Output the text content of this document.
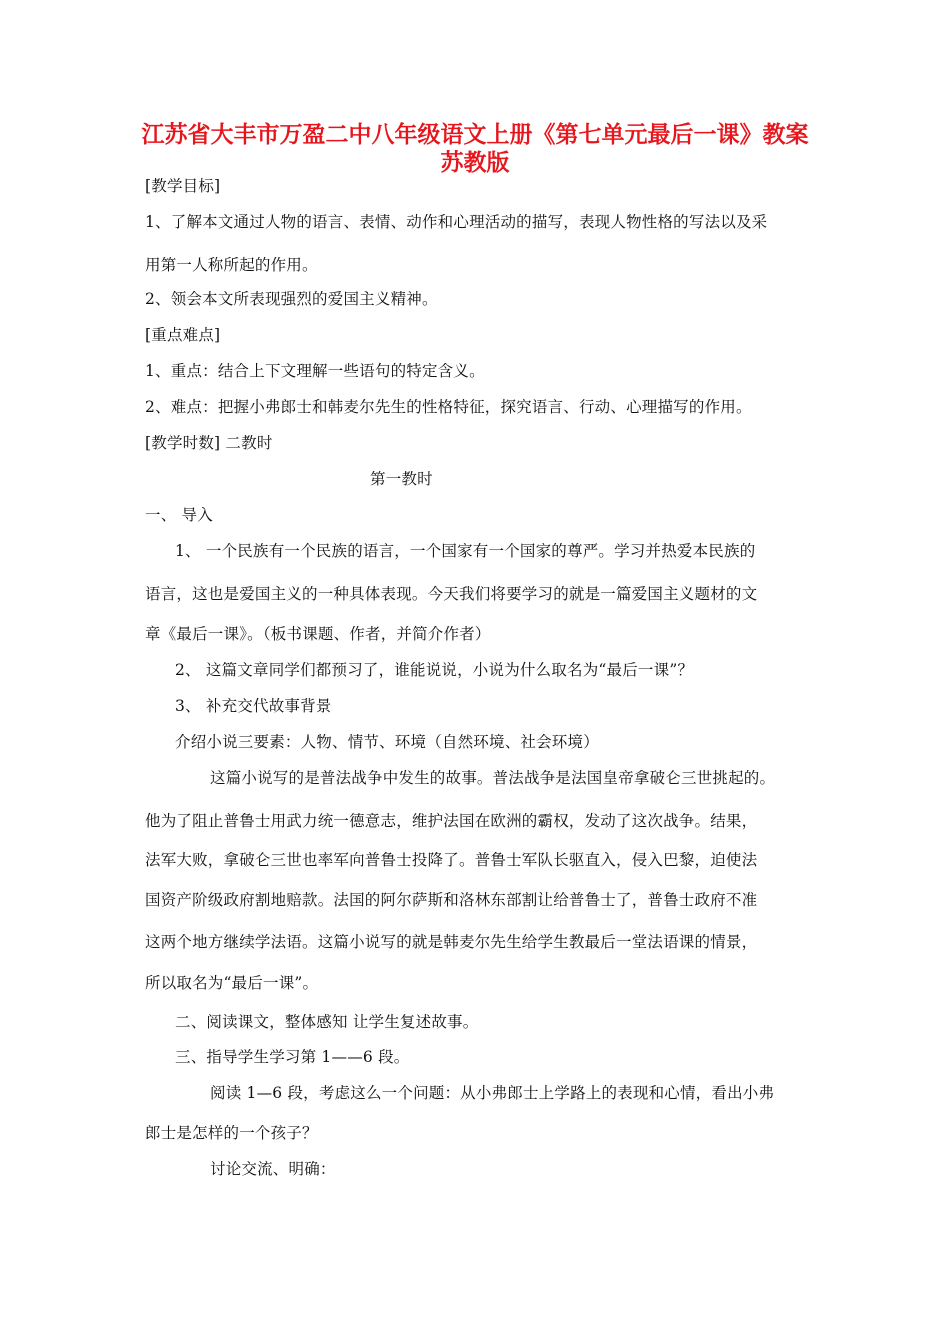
江苏省大丰市万盈二中八年级语文上册《第七单元最后一课》教案
苏教版
[教学目标]
1、了解本文通过人物的语言、表情、动作和心理活动的描写，表现人物性格的写法以及采
用第一人称所起的作用。
2、领会本文所表现强烈的爱国主义精神。
[重点难点]
1、重点：结合上下文理解一些语句的特定含义。
2、难点：把握小弗郎士和韩麦尔先生的性格特征，探究语言、行动、心理描写的作用。
[教学时数] 二教时
第一教时
一、 导入
1、 一个民族有一个民族的语言，一个国家有一个国家的尊严。学习并热爱本民族的
语言，这也是爱国主义的一种具体表现。今天我们将要学习的就是一篇爱国主义题材的文
章《最后一课》。（板书课题、作者，并简介作者）
2、 这篇文章同学们都预习了，谁能说说，小说为什么取名为“最后一课”？
3、 补充交代故事背景
介绍小说三要素：人物、情节、环境（自然环境、社会环境）
这篇小说写的是普法战争中发生的故事。普法战争是法国皇帝拿破仑三世挑起的。
他为了阻止普鲁士用武力统一德意志，维护法国在欧洲的霸权，发动了这次战争。结果，
法军大败，拿破仑三世也率军向普鲁士投降了。普鲁士军队长驱直入，侵入巴黎，迫使法
国资产阶级政府割地赔款。法国的阿尔萨斯和洛林东部割让给普鲁士了，普鲁士政府不准
这两个地方继续学法语。这篇小说写的就是韩麦尔先生给学生教最后一堂法语课的情景，
所以取名为“最后一课”。
二、阅读课文，整体感知 让学生复述故事。
三、指导学生学习第 1——6 段。
阅读 1—6 段，考虑这么一个问题：从小弗郎士上学路上的表现和心情，看出小弗
郎士是怎样的一个孩子？
讨论交流、明确：
